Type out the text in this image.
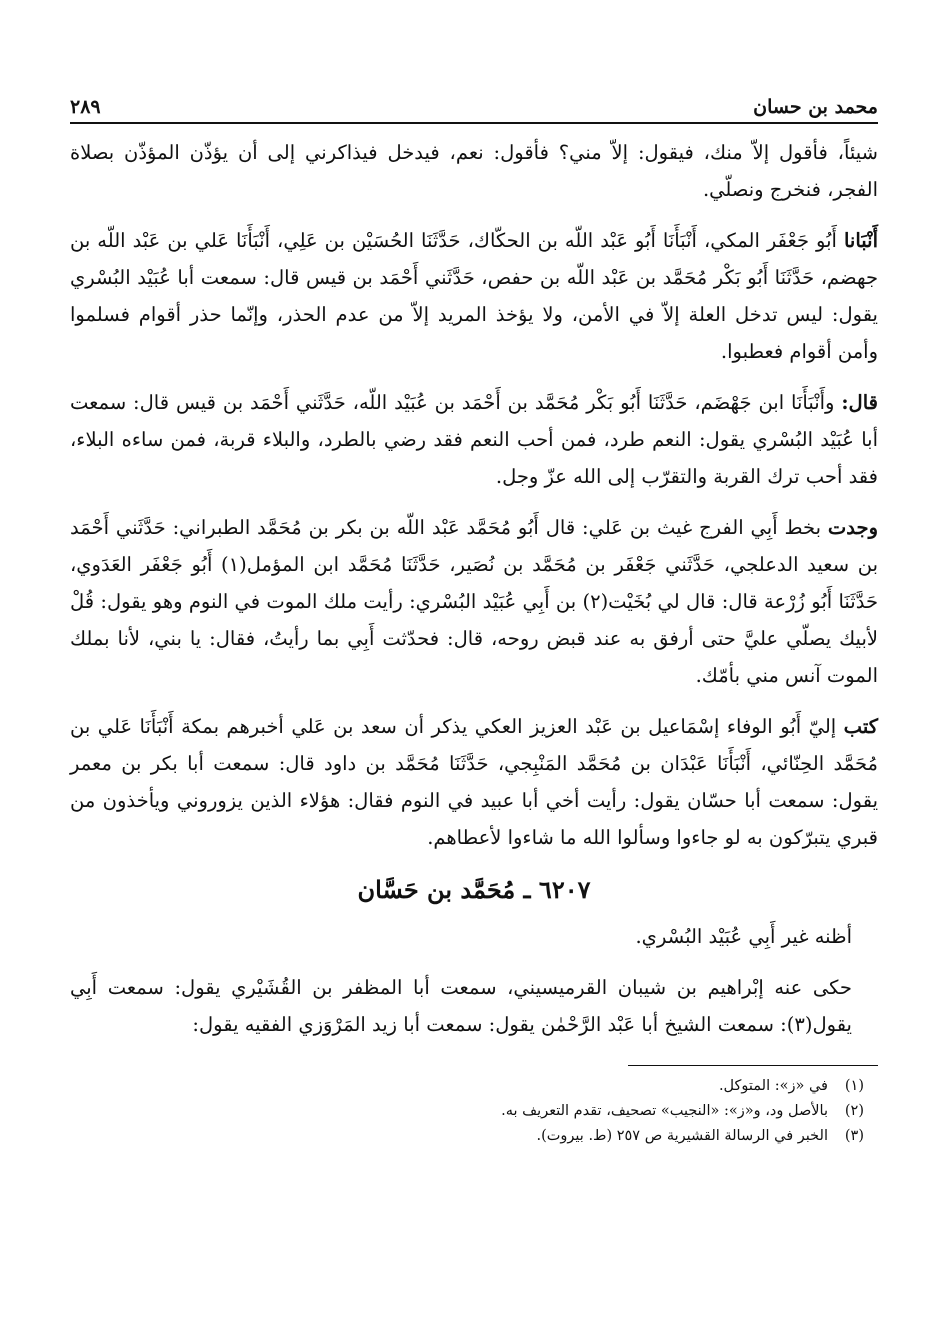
محمد بن حسان
٢٨٩

شيئاً، فأقول إلاّ منك، فيقول: إلاّ مني؟ فأقول: نعم، فيدخل فيذاكرني إلى أن يؤذّن المؤذّن بصلاة الفجر، فنخرج ونصلّي.

أَنْبَانا أَبُو جَعْفَر المكي، أَنْبَأَنَا أَبُو عَبْد اللّه بن الحكّاك، حَدَّثَنَا الحُسَيْن بن عَلِي، أَنْبَأَنَا عَلي بن عَبْد اللّه بن جهضم، حَدَّثَنَا أَبُو بَكْر مُحَمَّد بن عَبْد اللّه بن حفص، حَدَّثَني أَحْمَد بن قيس قال: سمعت أبا عُبَيْد البُسْري يقول: ليس تدخل العلة إلاّ في الأمن، ولا يؤخذ المريد إلاّ من عدم الحذر، وإنّما حذر أقوام فسلموا وأمن أقوام فعطبوا.

قال: وأَنْبَأَنَا ابن جَهْضَم، حَدَّثَنَا أَبُو بَكْر مُحَمَّد بن أَحْمَد بن عُبَيْد اللّه، حَدَّثَني أَحْمَد بن قيس قال: سمعت أبا عُبَيْد البُسْري يقول: النعم طرد، فمن أحب النعم فقد رضي بالطرد، والبلاء قربة، فمن ساءه البلاء، فقد أحب ترك القربة والتقرّب إلى الله عزّ وجل.

وجدت بخط أَبِي الفرج غيث بن عَلي: قال أَبُو مُحَمَّد عَبْد اللّه بن بكر بن مُحَمَّد الطبراني: حَدَّثَني أَحْمَد بن سعيد الدعلجي، حَدَّثَني جَعْفَر بن مُحَمَّد بن نُصَير، حَدَّثَنَا مُحَمَّد ابن المؤمل(١) أَبُو جَعْفَر العَدَوي، حَدَّثَنَا أَبُو زُرْعة قال: قال لي بُخَيْت(٢) بن أَبِي عُبَيْد البُسْري: رأيت ملك الموت في النوم وهو يقول: قُلْ لأبيك يصلّي عليَّ حتى أرفق به عند قبض روحه، قال: فحدّثت أَبِي بما رأيتُ، فقال: يا بني، لأنا بملك الموت آنس مني بأمّك.

كتب إليّ أَبُو الوفاء إسْمَاعيل بن عَبْد العزيز العكي يذكر أن سعد بن عَلي أخبرهم بمكة أَنْبَأَنَا عَلي بن مُحَمَّد الحِنّائي، أَنْبَأَنَا عَبْدَان بن مُحَمَّد المَنْبِجي، حَدَّثَنَا مُحَمَّد بن داود قال: سمعت أبا بكر بن معمر يقول: سمعت أبا حسّان يقول: رأيت أخي أبا عبيد في النوم فقال: هؤلاء الذين يزوروني ويأخذون من قبري يتبرّكون به لو جاءوا وسألوا الله ما شاءوا لأعطاهم.

٦٢٠٧ ـ مُحَمَّد بن حَسَّان

أظنه غير أَبِي عُبَيْد البُسْري.

حكى عنه إبْراهيم بن شيبان القرميسيني، سمعت أبا المظفر بن القُشَيْري يقول: سمعت أَبِي يقول(٣): سمعت الشيخ أبا عَبْد الرَّحْمٰن يقول: سمعت أبا زيد المَرْوَزي الفقيه يقول:

(١)
في «ز»: المتوكل.
(٢)
بالأصل ود، و«ز»: «النجيب» تصحيف، تقدم التعريف به.
(٣)
الخبر في الرسالة القشيرية ص ٢٥٧ (ط. بيروت).
